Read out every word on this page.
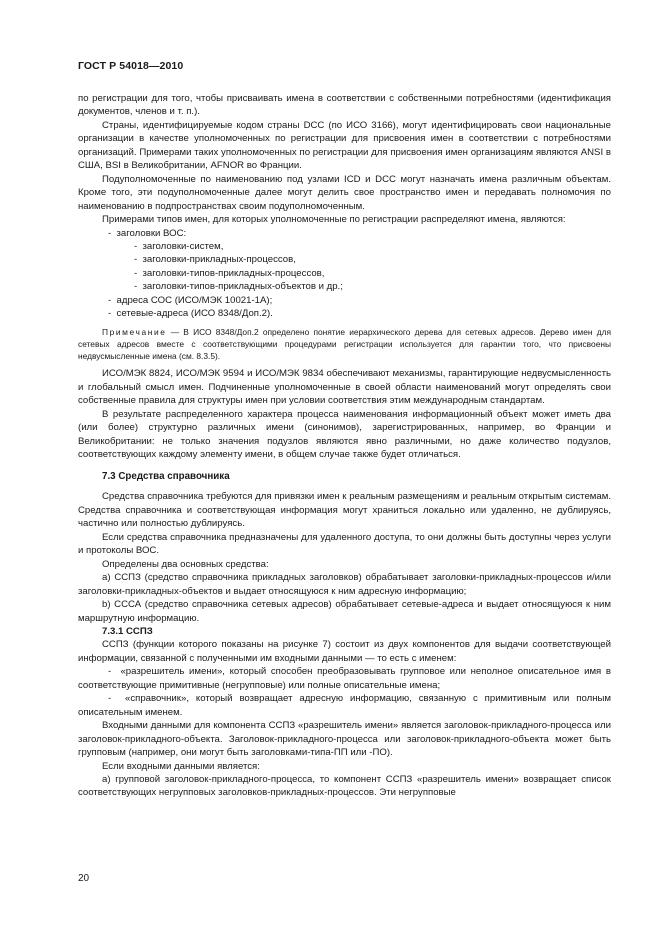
ГОСТ Р 54018—2010

по регистрации для того, чтобы присваивать имена в соответствии с собственными потребностями (идентификация документов, членов и т. п.).

Страны, идентифицируемые кодом страны DCC (по ИСО 3166), могут идентифицировать свои национальные организации в качестве уполномоченных по регистрации для присвоения имен в соответствии с потребностями организаций. Примерами таких уполномоченных по регистрации для присвоения имен организациям являются ANSI в США, BSI в Великобритании, AFNOR во Франции.

Подуполномоченные по наименованию под узлами ICD и DCC могут назначать имена различным объектам. Кроме того, эти подуполномоченные далее могут делить свое пространство имен и передавать полномочия по наименованию в подпространствах своим подуполномоченным.

Примерами типов имен, для которых уполномоченные по регистрации распределяют имена, являются:

-  заголовки ВОС:

-  заголовки-систем,

-  заголовки-прикладных-процессов,

-  заголовки-типов-прикладных-процессов,

-  заголовки-типов-прикладных-объектов и др.;

-  адреса СОС (ИСО/МЭК 10021-1А);

-  сетевые-адреса (ИСО 8348/Доп.2).

Примечание — В ИСО 8348/Доп.2 определено понятие иерархического дерева для сетевых адресов. Дерево имен для сетевых адресов вместе с соответствующими процедурами регистрации используется для гарантии того, что присвоены недвусмысленные имена (см. 8.3.5).

ИСО/МЭК 8824, ИСО/МЭК 9594 и ИСО/МЭК 9834 обеспечивают механизмы, гарантирующие недвусмысленность и глобальный смысл имен. Подчиненные уполномоченные в своей области наименований могут определять свои собственные правила для структуры имен при условии соответствия этим международным стандартам.

В результате распределенного характера процесса наименования информационный объект может иметь два (или более) структурно различных имени (синонимов), зарегистрированных, например, во Франции и Великобритании: не только значения подузлов являются явно различными, но даже количество подузлов, соответствующих каждому элементу имени, в общем случае также будет отличаться.

7.3 Средства справочника

Средства справочника требуются для привязки имен к реальным размещениям и реальным открытым системам. Средства справочника и соответствующая информация могут храниться локально или удаленно, не дублируясь, частично или полностью дублируясь.

Если средства справочника предназначены для удаленного доступа, то они должны быть доступны через услуги и протоколы ВОС.

Определены два основных средства:

a) ССПЗ (средство справочника прикладных заголовков) обрабатывает заголовки-прикладных-процессов и/или заголовки-прикладных-объектов и выдает относящуюся к ним адресную информацию;

b) СССА (средство справочника сетевых адресов) обрабатывает сетевые-адреса и выдает относящуюся к ним маршрутную информацию.

7.3.1 ССПЗ

ССПЗ (функции которого показаны на рисунке 7) состоит из двух компонентов для выдачи соответствующей информации, связанной с полученными им входными данными — то есть с именем:

-  «разрешитель имени», который способен преобразовывать групповое или неполное описательное имя в соответствующие примитивные (негрупповые) или полные описательные имена;

-  «справочник», который возвращает адресную информацию, связанную с примитивным или полным описательным именем.

Входными данными для компонента ССПЗ «разрешитель имени» является заголовок-прикладного-процесса или заголовок-прикладного-объекта. Заголовок-прикладного-процесса или заголовок-прикладного-объекта может быть групповым (например, они могут быть заголовками-типа-ПП или -ПО).

Если входными данными является:

a) групповой заголовок-прикладного-процесса, то компонент ССПЗ «разрешитель имени» возвращает список соответствующих негрупповых заголовков-прикладных-процессов. Эти негрупповые

20
